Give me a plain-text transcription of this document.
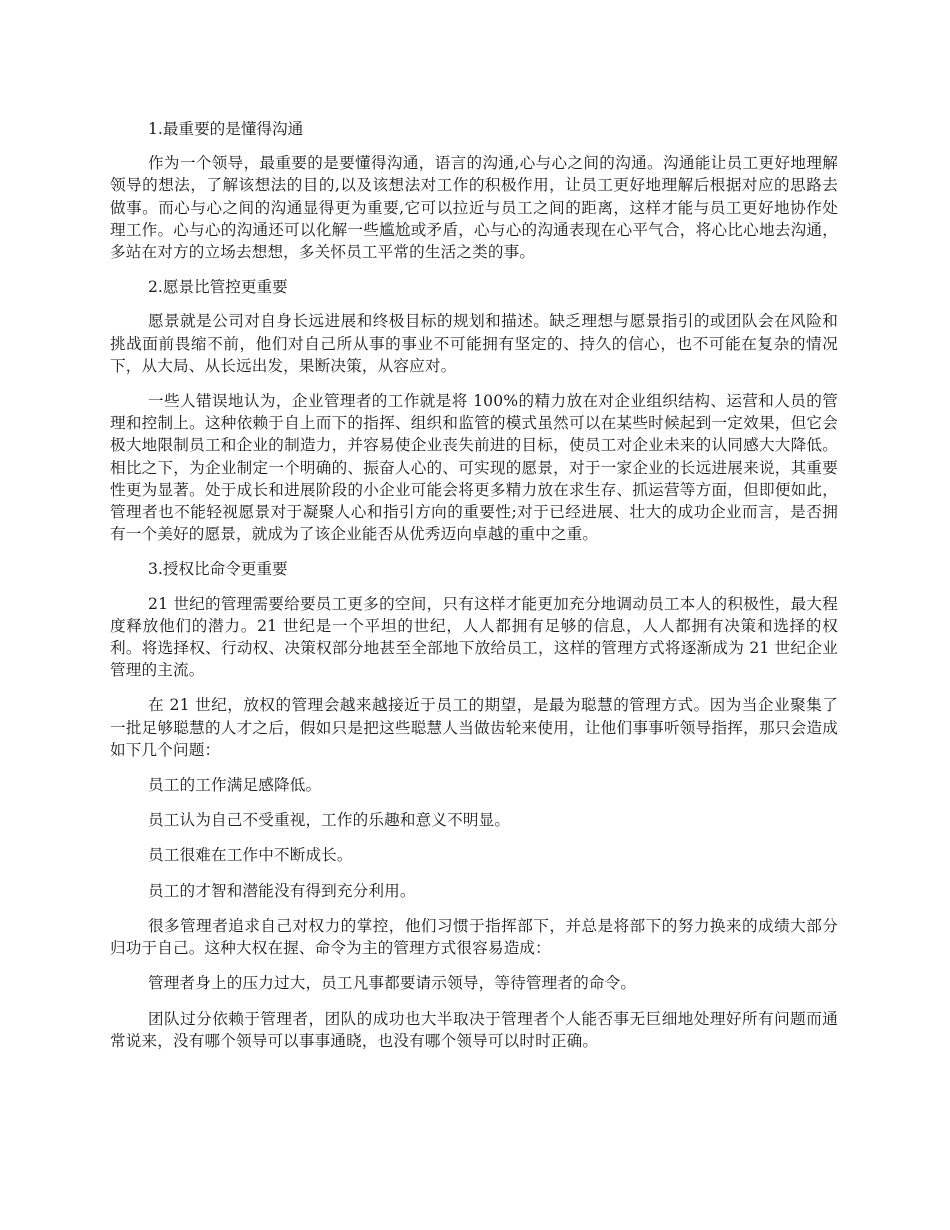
1.最重要的是懂得沟通

作为一个领导，最重要的是要懂得沟通，语言的沟通,心与心之间的沟通。沟通能让员工更好地理解领导的想法，了解该想法的目的,以及该想法对工作的积极作用，让员工更好地理解后根据对应的思路去做事。而心与心之间的沟通显得更为重要,它可以拉近与员工之间的距离，这样才能与员工更好地协作处理工作。心与心的沟通还可以化解一些尴尬或矛盾，心与心的沟通表现在心平气合，将心比心地去沟通，多站在对方的立场去想想，多关怀员工平常的生活之类的事。

2.愿景比管控更重要

愿景就是公司对自身长远进展和终极目标的规划和描述。缺乏理想与愿景指引的或团队会在风险和挑战面前畏缩不前，他们对自己所从事的事业不可能拥有坚定的、持久的信心，也不可能在复杂的情况下，从大局、从长远出发，果断决策，从容应对。

一些人错误地认为，企业管理者的工作就是将 100%的精力放在对企业组织结构、运营和人员的管理和控制上。这种依赖于自上而下的指挥、组织和监管的模式虽然可以在某些时候起到一定效果，但它会极大地限制员工和企业的制造力，并容易使企业丧失前进的目标，使员工对企业未来的认同感大大降低。相比之下，为企业制定一个明确的、振奋人心的、可实现的愿景，对于一家企业的长远进展来说，其重要性更为显著。处于成长和进展阶段的小企业可能会将更多精力放在求生存、抓运营等方面，但即便如此，管理者也不能轻视愿景对于凝聚人心和指引方向的重要性;对于已经进展、壮大的成功企业而言，是否拥有一个美好的愿景，就成为了该企业能否从优秀迈向卓越的重中之重。

3.授权比命令更重要

21 世纪的管理需要给要员工更多的空间，只有这样才能更加充分地调动员工本人的积极性，最大程度释放他们的潜力。21 世纪是一个平坦的世纪，人人都拥有足够的信息，人人都拥有决策和选择的权利。将选择权、行动权、决策权部分地甚至全部地下放给员工，这样的管理方式将逐渐成为 21 世纪企业管理的主流。

在 21 世纪，放权的管理会越来越接近于员工的期望，是最为聪慧的管理方式。因为当企业聚集了一批足够聪慧的人才之后，假如只是把这些聪慧人当做齿轮来使用，让他们事事听领导指挥，那只会造成如下几个问题：

员工的工作满足感降低。

员工认为自己不受重视，工作的乐趣和意义不明显。

员工很难在工作中不断成长。

员工的才智和潜能没有得到充分利用。

很多管理者追求自己对权力的掌控，他们习惯于指挥部下，并总是将部下的努力换来的成绩大部分归功于自己。这种大权在握、命令为主的管理方式很容易造成：

管理者身上的压力过大，员工凡事都要请示领导，等待管理者的命令。

团队过分依赖于管理者，团队的成功也大半取决于管理者个人能否事无巨细地处理好所有问题而通常说来，没有哪个领导可以事事通晓，也没有哪个领导可以时时正确。
